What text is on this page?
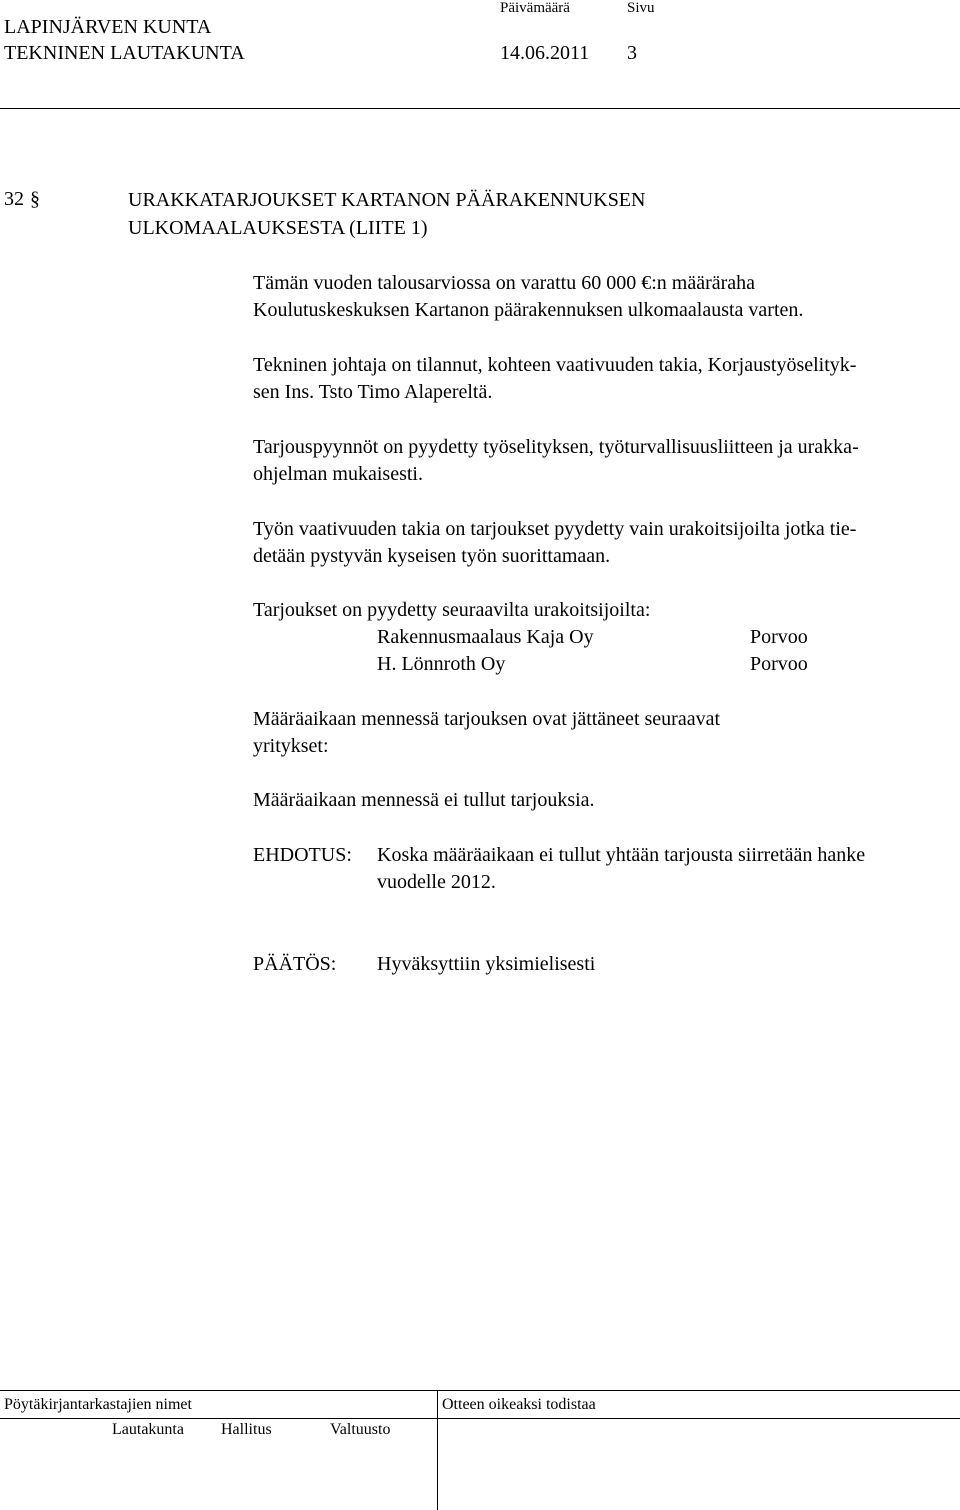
LAPINJÄRVEN KUNTA
TEKNINEN LAUTAKUNTA
Päivämäärä	Sivu
14.06.2011 3
32 §	URAKKATARJOUKSET KARTANON PÄÄRAKENNUKSEN
ULKOMAALAUKSESTA (LIITE 1)

Tämän vuoden talousarviossa on varattu 60 000 €:n määräraha
Koulutuskeskuksen Kartanon päärakennuksen ulkomaalausta varten.

Tekninen johtaja on tilannut, kohteen vaativuuden takia, Korjaustyöselityk-
sen Ins. Tsto Timo Alapereltä.

Tarjouspyynnöt on pyydetty työselityksen, työturvallisuusliitteen ja urakka-
ohjelman mukaisesti.

Työn vaativuuden takia on tarjoukset pyydetty vain urakoitsijoilta jotka tie-
detään pystyvän kyseisen työn suorittamaan.

Tarjoukset on pyydetty seuraavilta urakoitsijoilta:

Rakennusmaalaus Kaja Oy	Porvoo
H. Lönnroth Oy	Porvoo

Määräaikaan mennessä tarjouksen ovat jättäneet seuraavat
yritykset:

Määräaikaan mennessä ei tullut tarjouksia.

EHDOTUS: Koska määräaikaan ei tullut yhtään tarjousta siirretään hanke
vuodelle 2012.
PÄÄTÖS: Hyväksyttiin yksimielisesti
Pöytäkirjantarkastajien nimet	Otteen oikeaksi todistaa
Lautakunta Hallitus	Valtuusto
